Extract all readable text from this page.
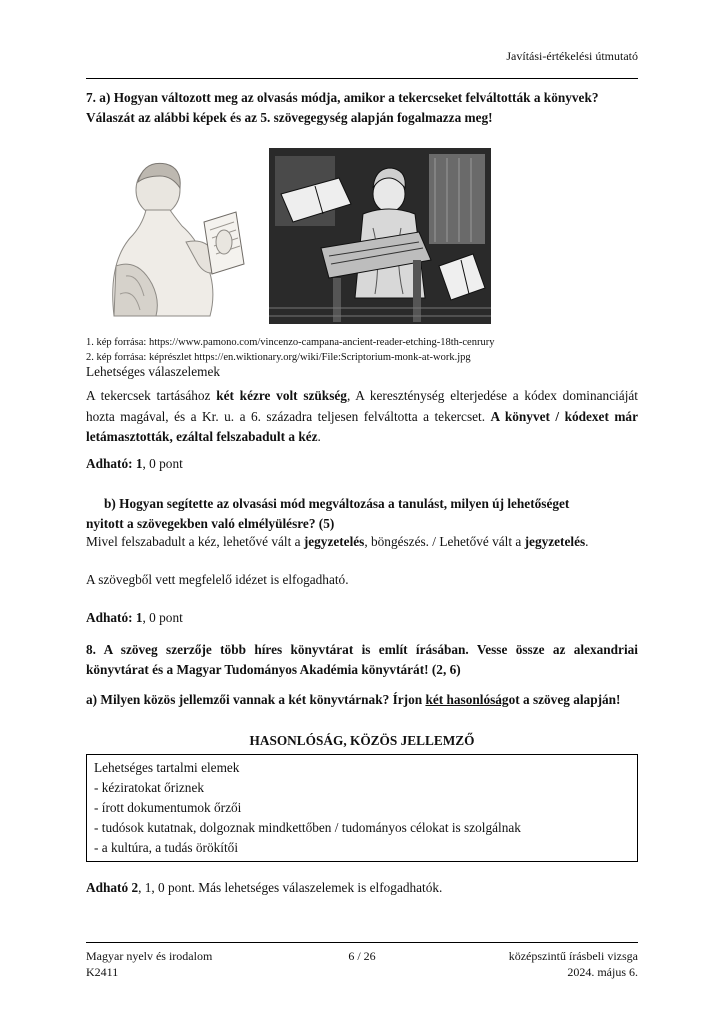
Javítási-értékelési útmutató
7. a) Hogyan változott meg az olvasás módja, amikor a tekercseket felváltották a könyvek?
Válaszát az alábbi képek és az 5. szövegegység alapján fogalmazza meg!
1. kép forrása: https://www.pamono.com/vincenzo-campana-ancient-reader-etching-18th-cenrury
2. kép forrása: képrészlet https://en.wiktionary.org/wiki/File:Scriptorium-monk-at-work.jpg
Lehetséges válaszelemek
A tekercsek tartásához két kézre volt szükség, A kereszténység elterjedése a kódex dominanciáját hozta magával, és a Kr. u. a 6. századra teljesen felváltotta a tekercset. A könyvet / kódexet már letámasztották, ezáltal felszabadult a kéz.
Adható: 1, 0 pont
b) Hogyan segítette az olvasási mód megváltozása a tanulást, milyen új lehetőséget
nyitott a szövegekben való elmélyülésre? (5)
Mivel felszabadult a kéz, lehetővé vált a jegyzetelés, böngészés. / Lehetővé vált a jegyzetelés.
A szövegből vett megfelelő idézet is elfogadható.
Adható: 1, 0 pont
8. A szöveg szerzője több híres könyvtárat is említ írásában. Vesse össze az alexandriai könyvtárat és a Magyar Tudományos Akadémia könyvtárát! (2, 6)
a) Milyen közös jellemzői vannak a két könyvtárnak? Írjon két hasonlóságot a szöveg alapján!
HASONLÓSÁG, KÖZÖS JELLEMZŐ
Lehetséges tartalmi elemek
- kéziratokat őriznek
- írott dokumentumok őrzői
- tudósok kutatnak, dolgoznak mindkettőben / tudományos célokat is szolgálnak
- a kultúra, a tudás örökítői
Adható 2, 1, 0 pont. Más lehetséges válaszelemek is elfogadhatók.
Magyar nyelv és irodalom
K2411
6 / 26	középszintű írásbeli vizsga
2024. május 6.
